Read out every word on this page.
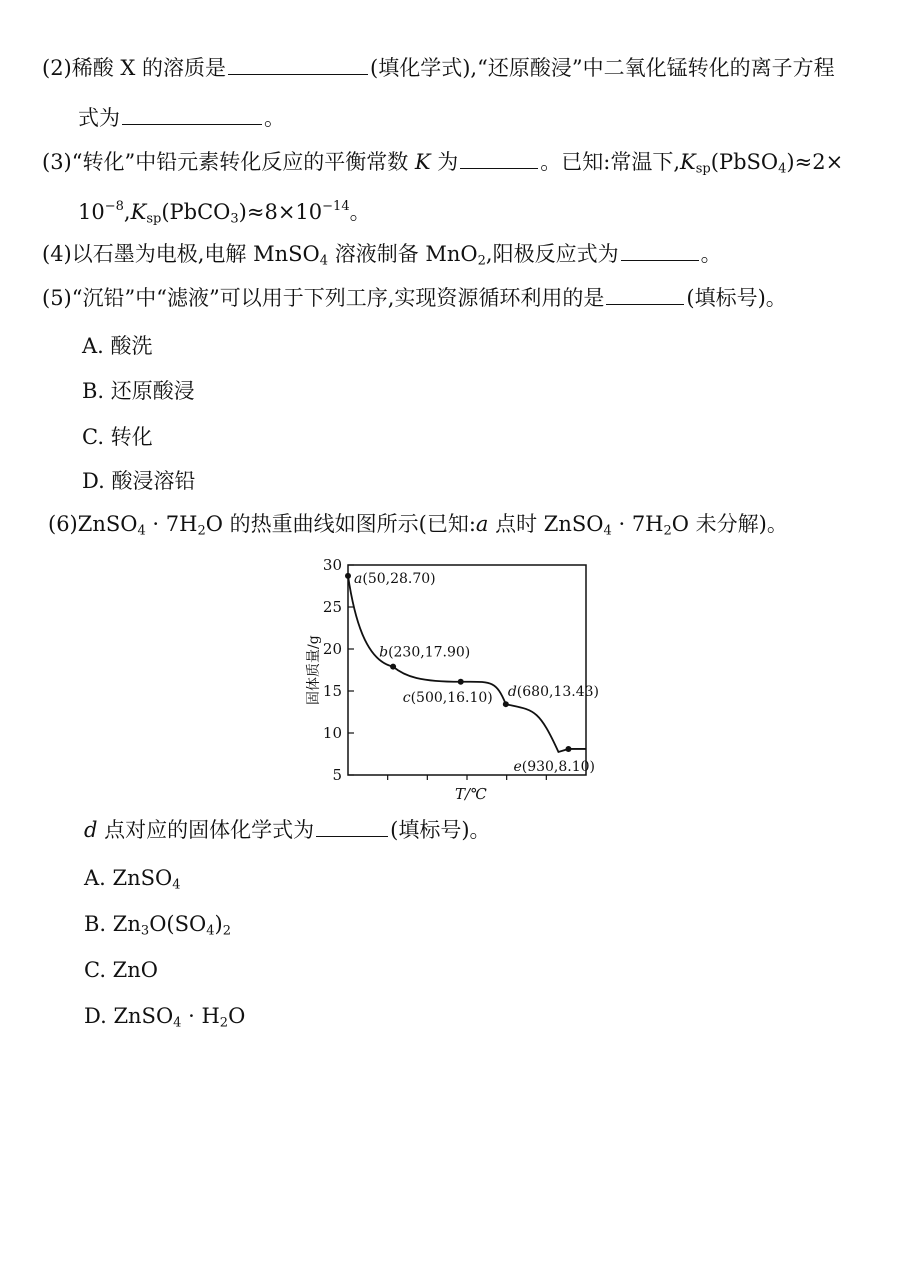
(2)稀酸 X 的溶质是	(填化学式),“还原酸浸”中二氧化锰转化的离子方程
式为	。
(3)“转化”中铅元素转化反应的平衡常数 K 为	。已知:常温下$,K_{sp}(PbSO_4)\approx 2\times$
$10^{-8},K_{sp}(PbCO_3)\approx 8\times 10^{-14}$。
(4)以石墨为电极,电解 MnSO$_4$ 溶液制备 MnO$_2$,阳极反应式为	。
(5)“沉铅”中“滤液”可以用于下列工序,实现资源循环利用的是	(填标号)。
A. 酸洗
B. 还原酸浸
C. 转化
D. 酸浸溶铅
(6)ZnSO$_4$ · $7H_2O$ 的热重曲线如图所示(已知:a 点时 ZnSO$_4$ · $7H_2O$ 未分解)。
固体质量/g
T/℃
5
10
15
20
25
30
a(50,28.70)
b(230,17.90)
c(500,16.10) d(680,13.43)
e(930,8.10)
d 点对应的固体化学式为	(填标号)。
A. ZnSO$_4$
B. $Zn_3O(SO_4)_2$
C. ZnO
D. ZnSO$_4$ · $H_2O$
